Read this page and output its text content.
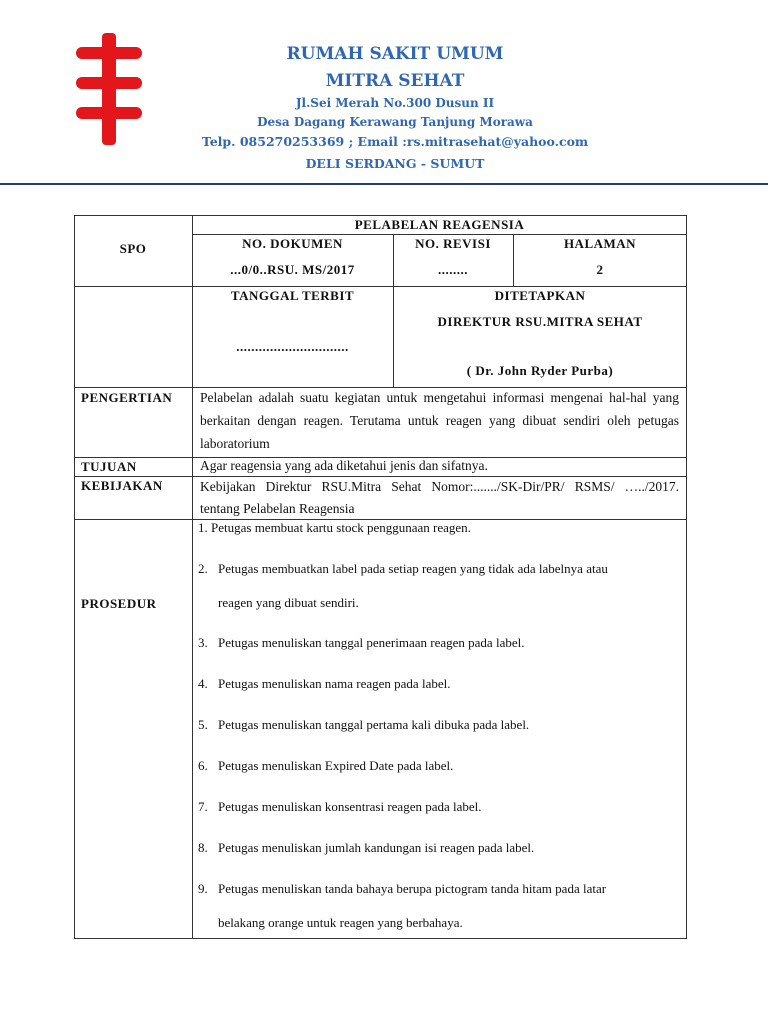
RUMAH SAKIT UMUM
MITRA SEHAT
Jl.Sei Merah No.300 Dusun II
Desa Dagang Kerawang Tanjung Morawa
Telp. 085270253369 ; Email :rs.mitrasehat@yahoo.com
DELI SERDANG - SUMUT
SPO
PELABELAN REAGENSIA
NO. DOKUMEN
...0/0..RSU. MS/2017
NO. REVISI
........
HALAMAN
2
TANGGAL TERBIT
..............................
DITETAPKAN
DIREKTUR RSU.MITRA SEHAT
( Dr. John Ryder Purba)
PENGERTIAN Pelabelan adalah suatu kegiatan untuk mengetahui informasi mengenai hal-hal yang berkaitan dengan reagen. Terutama untuk reagen yang dibuat sendiri oleh petugas laboratorium
TUJUAN	Agar reagensia yang ada diketahui jenis dan sifatnya.
KEBIJAKAN	Kebijakan Direktur RSU.Mitra Sehat Nomor:......./SK-Dir/PR/ RSMS/ …../2017. tentang Pelabelan Reagensia
PROSEDUR
1. Petugas membuat kartu stock penggunaan reagen.
2. Petugas membuatkan label pada setiap reagen yang tidak ada labelnya atau
reagen yang dibuat sendiri.
3. Petugas menuliskan tanggal penerimaan reagen pada label.
4. Petugas menuliskan nama reagen pada label.
5. Petugas menuliskan tanggal pertama kali dibuka pada label.
6. Petugas menuliskan Expired Date pada label.
7. Petugas menuliskan konsentrasi reagen pada label.
8. Petugas menuliskan jumlah kandungan isi reagen pada label.
9. Petugas menuliskan tanda bahaya berupa pictogram tanda hitam pada latar
belakang orange untuk reagen yang berbahaya.
